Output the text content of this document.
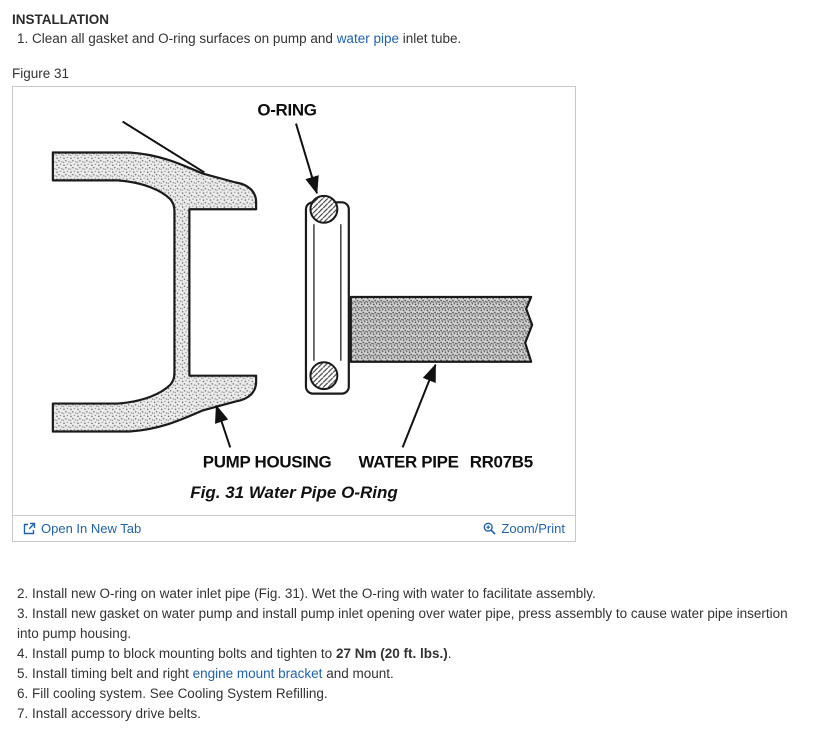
INSTALLATION
1. Clean all gasket and O-ring surfaces on pump and water pipe inlet tube.
Figure 31
O-RING
PUMP HOUSING WATER PIPE RR07B5
Fig. 31 Water Pipe O-Ring
Open In New Tab	Zoom/Print
2. Install new O-ring on water inlet pipe (Fig. 31). Wet the O-ring with water to facilitate assembly.
3. Install new gasket on water pump and install pump inlet opening over water pipe, press assembly to cause water pipe insertion into pump housing.
4. Install pump to block mounting bolts and tighten to 27 Nm (20 ft. lbs.).
5. Install timing belt and right engine mount bracket and mount.
6. Fill cooling system. See Cooling System Refilling.
7. Install accessory drive belts.
